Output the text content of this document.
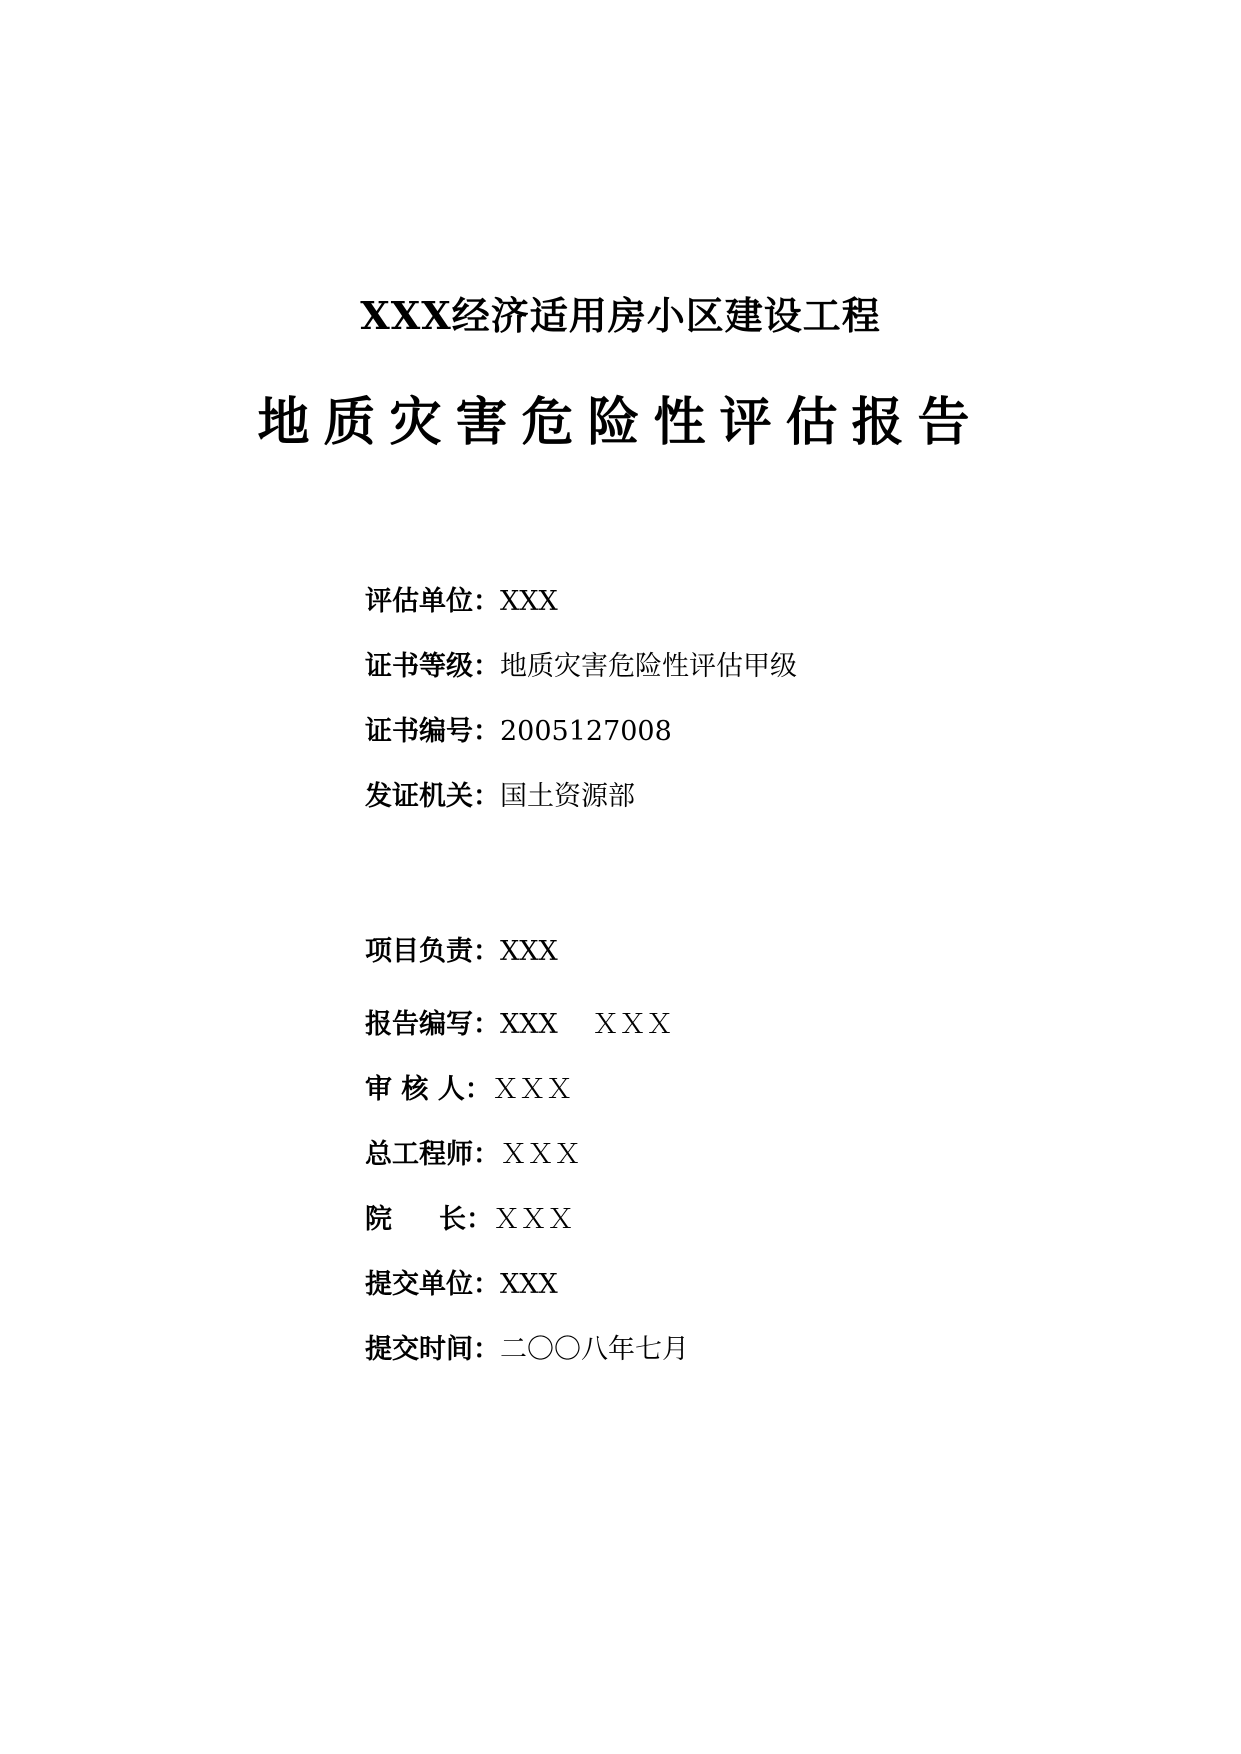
XXX经济适用房小区建设工程
地质灾害危险性评估报告
评估单位：XXX
证书等级：地质灾害危险性评估甲级
证书编号：2005127008
发证机关：国土资源部
项目负责：XXX
报告编写：XXX    ＸＸＸ
审 核 人：ＸＸＸ
总工程师：ＸＸＸ
院     长：ＸＸＸ
提交单位：XXX
提交时间：二〇〇八年七月
